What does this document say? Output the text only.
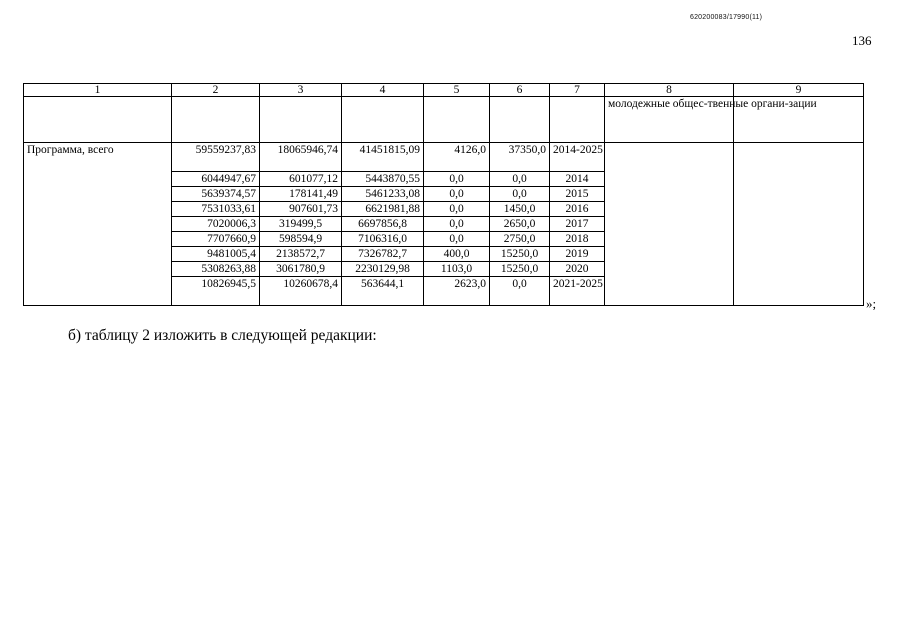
620200083/17990(11)
136
1	2	3	4	5	6	7	8	9
							молодежные общес-твенные органи-зации	
Программа, всего	59559237,83	18065946,74	41451815,09	4126,0	37350,0	2014-2025		
	6044947,67	601077,12	5443870,55	0,0	0,0	2014		
	5639374,57	178141,49	5461233,08	0,0	0,0	2015		
	7531033,61	907601,73	6621981,88	0,0	1450,0	2016		
	7020006,3	319499,5	6697856,8	0,0	2650,0	2017		
	7707660,9	598594,9	7106316,0	0,0	2750,0	2018		
	9481005,4	2138572,7	7326782,7	400,0	15250,0	2019		
	5308263,88	3061780,9	2230129,98	1103,0	15250,0	2020		
	10826945,5	10260678,4	563644,1	2623,0	0,0	2021-2025		
»;
б) таблицу 2 изложить в следующей редакции:
